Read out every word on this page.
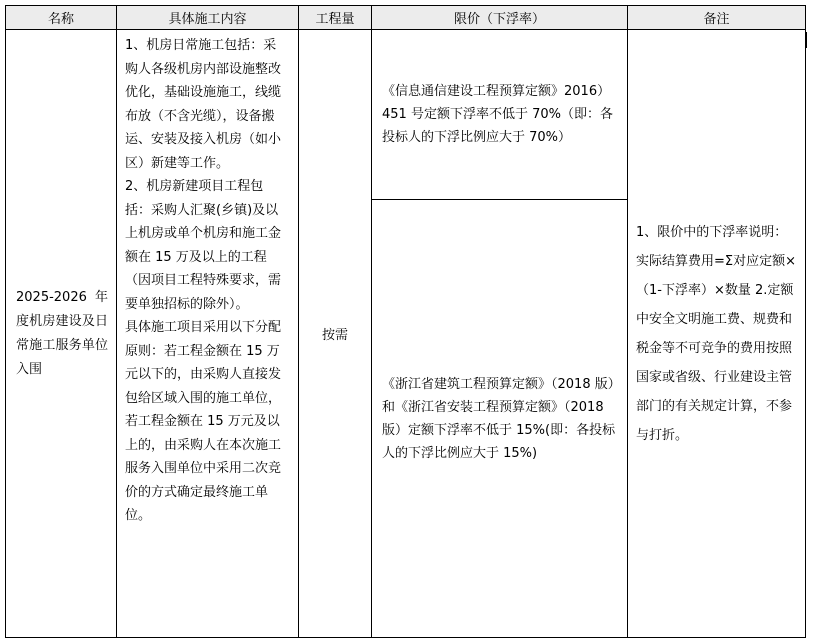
名称	具体施工内容	工程量	限价（下浮率）	备注
2025-2026 年度机房建设及日常施工服务单位入围	1、机房日常施工包括：采购人各级机房内部设施整改优化，基础设施施工，线缆布放（不含光缆），设备搬运、安装及接入机房（如小区）新建等工作。

2、机房新建项目工程包括：采购人汇聚(乡镇)及以上机房或单个机房和施工金额在 15 万及以上的工程（因项目工程特殊要求，需要单独招标的除外）。

具体施工项目采用以下分配原则：若工程金额在 15 万元以下的，由采购人直接发包给区域入围的施工单位，若工程金额在 15 万元及以上的，由采购人在本次施工服务入围单位中采用二次竞价的方式确定最终施工单位。	按需	《信息通信建设工程预算定额》2016）451 号定额下浮率不低于 70%（即：各投标人的下浮比例应大于 70%）	1、限价中的下浮率说明：实际结算费用=Σ对应定额×（1-下浮率）×数量 2.定额中安全文明施工费、规费和税金等不可竞争的费用按照国家或省级、行业建设主管部门的有关规定计算，不参与打折。
			《浙江省建筑工程预算定额》（2018 版）和《浙江省安装工程预算定额》（2018 版）定额下浮率不低于 15%(即：各投标人的下浮比例应大于 15%)	
